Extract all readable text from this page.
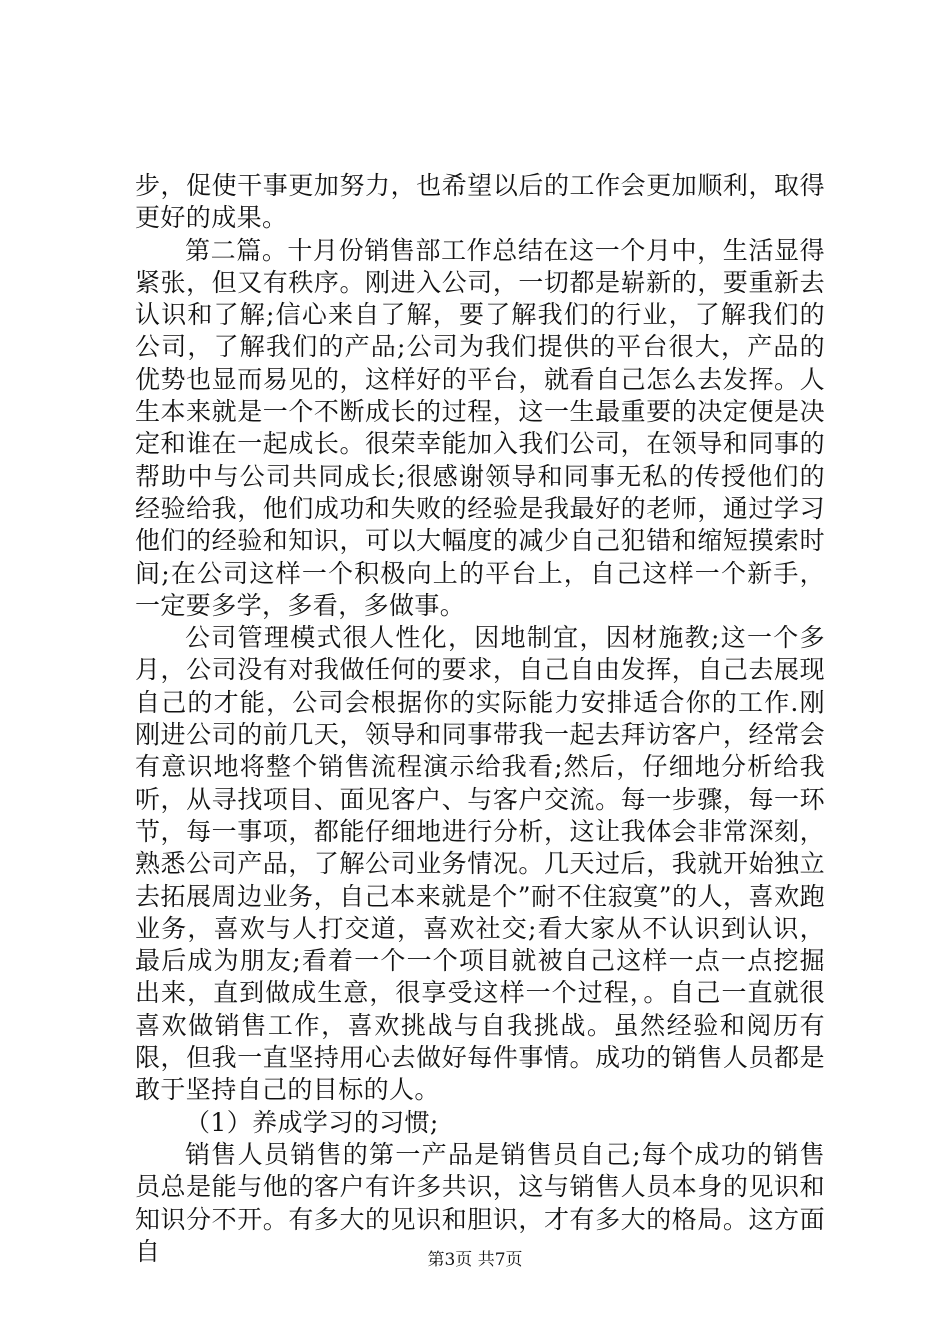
步，促使干事更加努力，也希望以后的工作会更加顺利，取得更好的成果。

第二篇。十月份销售部工作总结在这一个月中，生活显得紧张，但又有秩序。刚进入公司，一切都是崭新的，要重新去认识和了解;信心来自了解，要了解我们的行业，了解我们的公司，了解我们的产品;公司为我们提供的平台很大，产品的优势也显而易见的，这样好的平台，就看自己怎么去发挥。人生本来就是一个不断成长的过程，这一生最重要的决定便是决定和谁在一起成长。很荣幸能加入我们公司，在领导和同事的帮助中与公司共同成长;很感谢领导和同事无私的传授他们的经验给我，他们成功和失败的经验是我最好的老师，通过学习他们的经验和知识，可以大幅度的减少自己犯错和缩短摸索时间;在公司这样一个积极向上的平台上，自己这样一个新手，一定要多学，多看，多做事。

公司管理模式很人性化，因地制宜，因材施教;这一个多月，公司没有对我做任何的要求，自己自由发挥，自己去展现自己的才能，公司会根据你的实际能力安排适合你的工作.刚刚进公司的前几天，领导和同事带我一起去拜访客户，经常会有意识地将整个销售流程演示给我看;然后，仔细地分析给我听，从寻找项目、面见客户、与客户交流。每一步骤，每一环节，每一事项，都能仔细地进行分析，这让我体会非常深刻，熟悉公司产品，了解公司业务情况。几天过后，我就开始独立去拓展周边业务，自己本来就是个”耐不住寂寞”的人，喜欢跑业务，喜欢与人打交道，喜欢社交;看大家从不认识到认识，最后成为朋友;看着一个一个项目就被自己这样一点一点挖掘出来，直到做成生意，很享受这样一个过程，。自己一直就很喜欢做销售工作，喜欢挑战与自我挑战。虽然经验和阅历有限，但我一直坚持用心去做好每件事情。成功的销售人员都是敢于坚持自己的目标的人。

（1）养成学习的习惯;

销售人员销售的第一产品是销售员自己;每个成功的销售员总是能与他的客户有许多共识，这与销售人员本身的见识和知识分不开。有多大的见识和胆识，才有多大的格局。这方面自	第3页 共7页
